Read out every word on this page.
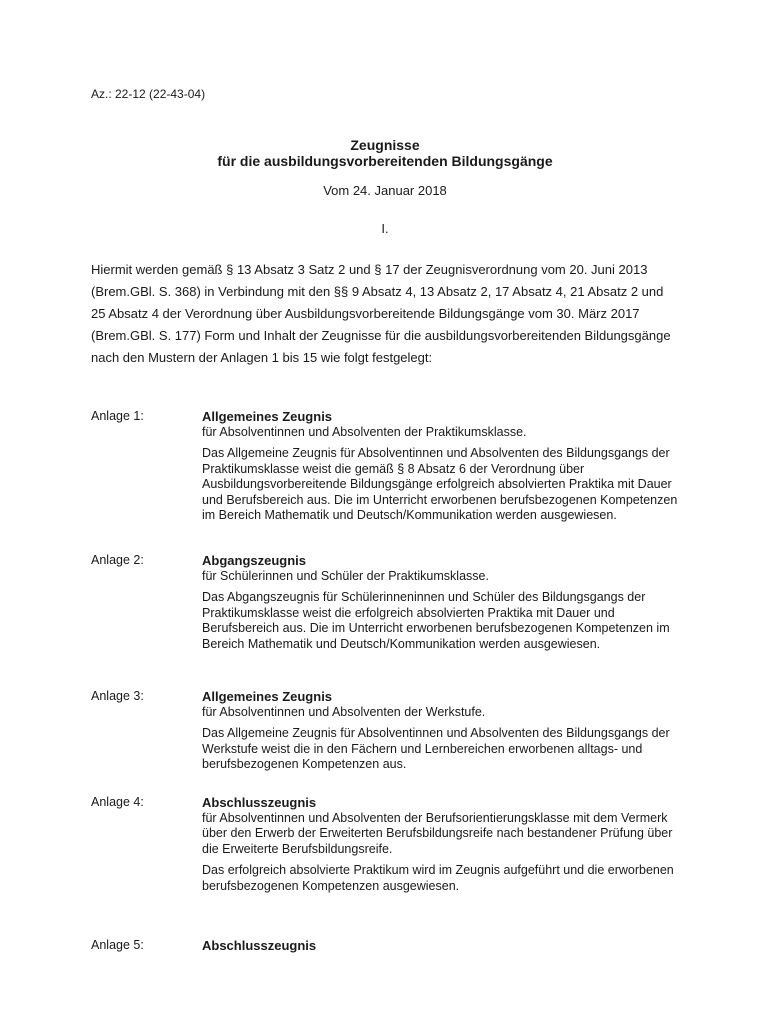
Az.: 22-12 (22-43-04)
Zeugnisse
für die ausbildungsvorbereitenden Bildungsgänge
Vom 24. Januar 2018
I.

Hiermit werden gemäß § 13 Absatz 3 Satz 2 und § 17 der Zeugnisverordnung vom 20. Juni 2013 (Brem.GBl. S. 368) in Verbindung mit den §§ 9 Absatz 4, 13 Absatz 2, 17 Absatz 4, 21 Absatz 2 und 25 Absatz 4 der Verordnung über Ausbildungsvorbereitende Bildungsgänge vom 30. März 2017 (Brem.GBl. S. 177) Form und Inhalt der Zeugnisse für die ausbildungsvorbereitenden Bildungsgänge nach den Mustern der Anlagen 1 bis 15 wie folgt festgelegt:

Anlage 1:	Allgemeines Zeugnis
für Absolventinnen und Absolventen der Praktikumsklasse.
Das Allgemeine Zeugnis für Absolventinnen und Absolventen des Bildungsgangs der Praktikumsklasse weist die gemäß § 8 Absatz 6 der Verordnung über Ausbildungsvorbereitende Bildungsgänge erfolgreich absolvierten Praktika mit Dauer und Berufsbereich aus. Die im Unterricht erworbenen berufsbezogenen Kompetenzen im Bereich Mathematik und Deutsch/Kommunikation werden ausgewiesen.
Anlage 2:	Abgangszeugnis
für Schülerinnen und Schüler der Praktikumsklasse.
Das Abgangszeugnis für Schülerinneninnen und Schüler des Bildungsgangs der Praktikumsklasse weist die erfolgreich absolvierten Praktika mit Dauer und Berufsbereich aus. Die im Unterricht erworbenen berufsbezogenen Kompetenzen im Bereich Mathematik und Deutsch/Kommunikation werden ausgewiesen.
Anlage 3:	Allgemeines Zeugnis
für Absolventinnen und Absolventen der Werkstufe.
Das Allgemeine Zeugnis für Absolventinnen und Absolventen des Bildungsgangs der Werkstufe weist die in den Fächern und Lernbereichen erworbenen alltags- und berufsbezogenen Kompetenzen aus.
Anlage 4:	Abschlusszeugnis
für Absolventinnen und Absolventen der Berufsorientierungsklasse mit dem Vermerk über den Erwerb der Erweiterten Berufsbildungsreife nach bestandener Prüfung über die Erweiterte Berufsbildungsreife.
Das erfolgreich absolvierte Praktikum wird im Zeugnis aufgeführt und die erworbenen berufsbezogenen Kompetenzen ausgewiesen.
Anlage 5:	Abschlusszeugnis
